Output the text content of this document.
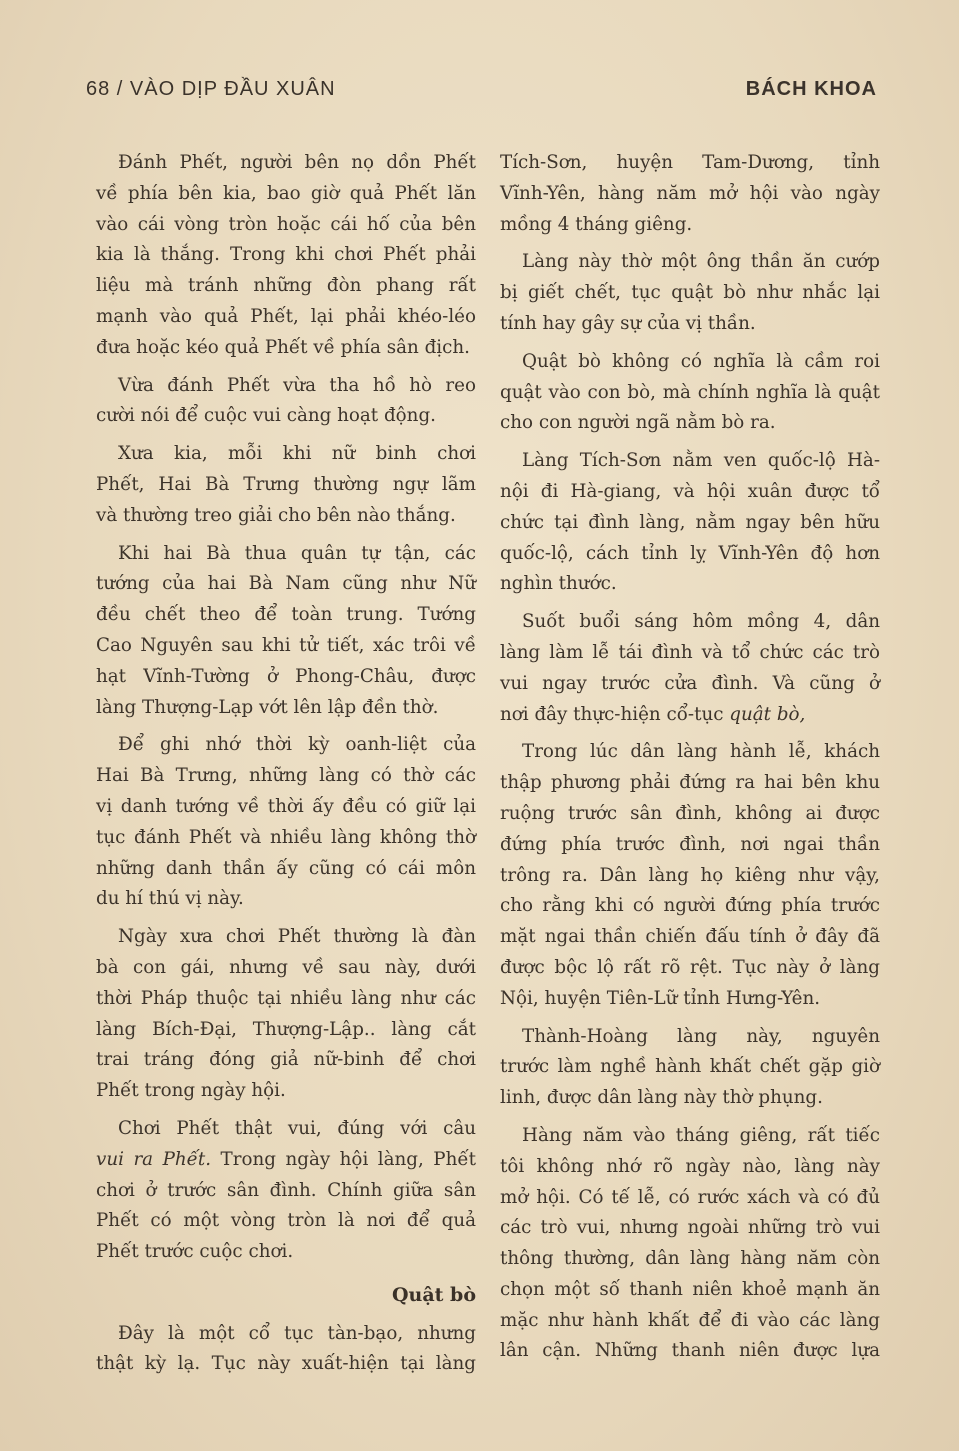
68 / VÀO DỊP ĐẦU XUÂN	BÁCH KHOA
Đánh Phết, người bên nọ dồn Phết
về phía bên kia, bao giờ quả Phết lăn
vào cái vòng tròn hoặc cái hố của bên
kia là thắng. Trong khi chơi Phết phải
liệu mà tránh những đòn phang rất
mạnh vào quả Phết, lại phải khéo-léo
đưa hoặc kéo quả Phết về phía sân địch.
Vừa đánh Phết vừa tha hồ hò reo
cười nói để cuộc vui càng hoạt động.
Xưa kia, mỗi khi nữ binh chơi
Phết, Hai Bà Trưng thường ngự lãm
và thường treo giải cho bên nào thắng.
Khi hai Bà thua quân tự tận, các
tướng của hai Bà Nam cũng như Nữ
đều chết theo để toàn trung. Tướng
Cao Nguyên sau khi tử tiết, xác trôi về
hạt Vĩnh-Tường ở Phong-Châu, được
làng Thượng-Lạp vớt lên lập đền thờ.
Để ghi nhớ thời kỳ oanh-liệt của
Hai Bà Trưng, những làng có thờ các
vị danh tướng về thời ấy đều có giữ lại
tục đánh Phết và nhiều làng không thờ
những danh thần ấy cũng có cái môn
du hí thú vị này.
Ngày xưa chơi Phết thường là đàn
bà con gái, nhưng về sau này, dưới
thời Pháp thuộc tại nhiều làng như các
làng Bích-Đại, Thượng-Lập.. làng cắt
trai tráng đóng giả nữ-binh để chơi
Phết trong ngày hội.
Chơi Phết thật vui, đúng với câu
vui ra Phết. Trong ngày hội làng, Phết
chơi ở trước sân đình. Chính giữa sân
Phết có một vòng tròn là nơi để quả
Phết trước cuộc chơi.
Quật bò
Đây là một cổ tục tàn-bạo, nhưng
thật kỳ lạ. Tục này xuất-hiện tại làng
Tích-Sơn, huyện Tam-Dương, tỉnh
Vĩnh-Yên, hàng năm mở hội vào ngày
mồng 4 tháng giêng.
Làng này thờ một ông thần ăn cướp
bị giết chết, tục quật bò như nhắc lại
tính hay gây sự của vị thần.
Quật bò không có nghĩa là cầm roi
quật vào con bò, mà chính nghĩa là quật
cho con người ngã nằm bò ra.
Làng Tích-Sơn nằm ven quốc-lộ Hà-
nội đi Hà-giang, và hội xuân được tổ
chức tại đình làng, nằm ngay bên hữu
quốc-lộ, cách tỉnh lỵ Vĩnh-Yên độ hơn
nghìn thước.
Suốt buổi sáng hôm mồng 4, dân
làng làm lễ tái đình và tổ chức các trò
vui ngay trước cửa đình. Và cũng ở
nơi đây thực-hiện cổ-tục quật bò,
Trong lúc dân làng hành lễ, khách
thập phương phải đứng ra hai bên khu
ruộng trước sân đình, không ai được
đứng phía trước đình, nơi ngai thần
trông ra. Dân làng họ kiêng như vậy,
cho rằng khi có người đứng phía trước
mặt ngai thần chiến đấu tính ở đây đã
được bộc lộ rất rõ rệt. Tục này ở làng
Nội, huyện Tiên-Lữ tỉnh Hưng-Yên.
Thành-Hoàng làng này, nguyên
trước làm nghề hành khất chết gặp giờ
linh, được dân làng này thờ phụng.
Hàng năm vào tháng giêng, rất tiếc
tôi không nhớ rõ ngày nào, làng này
mở hội. Có tế lễ, có rước xách và có đủ
các trò vui, nhưng ngoài những trò vui
thông thường, dân làng hàng năm còn
chọn một số thanh niên khoẻ mạnh ăn
mặc như hành khất để đi vào các làng
lân cận. Những thanh niên được lựa
